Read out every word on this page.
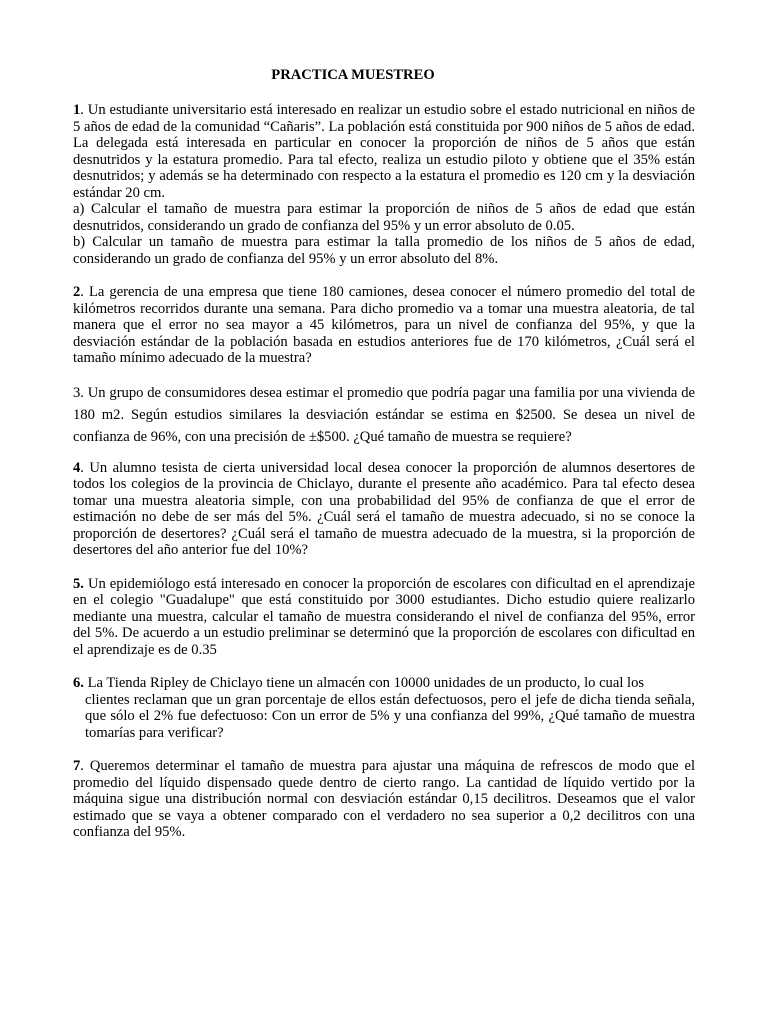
PRACTICA MUESTREO

1. Un estudiante universitario está interesado en realizar un estudio sobre el estado nutricional en niños de 5 años de edad de la comunidad “Cañaris”. La población está constituida por 900 niños de 5 años de edad. La delegada está interesada en particular en conocer la proporción de niños de 5 años que están desnutridos y la estatura promedio. Para tal efecto, realiza un estudio piloto y obtiene que el 35% están desnutridos; y además se ha determinado con respecto a la estatura el promedio es 120 cm y la desviación estándar 20 cm.

a) Calcular el tamaño de muestra para estimar la proporción de niños de 5 años de edad que están desnutridos, considerando un grado de confianza del 95% y un error absoluto de 0.05.

b) Calcular un tamaño de muestra para estimar la talla promedio de los niños de 5 años de edad, considerando un grado de confianza del 95% y un error absoluto del 8%.

2. La gerencia de una empresa que tiene 180 camiones, desea conocer el número promedio del total de kilómetros recorridos durante una semana. Para dicho promedio va a tomar una muestra aleatoria, de tal manera que el error no sea mayor a 45 kilómetros, para un nivel de confianza del 95%, y que la desviación estándar de la población basada en estudios anteriores fue de 170 kilómetros, ¿Cuál será el tamaño mínimo adecuado de la muestra?

3. Un grupo de consumidores desea estimar el promedio que podría pagar una familia por una vivienda de 180 m2. Según estudios similares la desviación estándar se estima en $2500. Se desea un nivel de confianza de 96%, con una precisión de ±$500. ¿Qué tamaño de muestra se requiere?

4. Un alumno tesista de cierta universidad local desea conocer la proporción de alumnos desertores de todos los colegios de la provincia de Chiclayo, durante el presente año académico. Para tal efecto desea tomar una muestra aleatoria simple, con una probabilidad del 95% de confianza de que el error de estimación no debe de ser más del 5%. ¿Cuál será el tamaño de muestra adecuado, si no se conoce la proporción de desertores? ¿Cuál será el tamaño de muestra adecuado de la muestra, si la proporción de desertores del año anterior fue del 10%?

5. Un epidemiólogo está interesado en conocer la proporción de escolares con dificultad en el aprendizaje en el colegio "Guadalupe" que está constituido por 3000 estudiantes. Dicho estudio quiere realizarlo mediante una muestra, calcular el tamaño de muestra considerando el nivel de confianza del 95%, error del 5%. De acuerdo a un estudio preliminar se determinó que la proporción de escolares con dificultad en el aprendizaje es de 0.35

6. La Tienda Ripley de Chiclayo tiene un almacén con 10000 unidades de un producto, lo cual los
clientes reclaman que un gran porcentaje de ellos están defectuosos, pero el jefe de dicha tienda señala, que sólo el 2% fue defectuoso: Con un error de 5% y una confianza del 99%, ¿Qué tamaño de muestra tomarías para verificar?

7. Queremos determinar el tamaño de muestra para ajustar una máquina de refrescos de modo que el promedio del líquido dispensado quede dentro de cierto rango. La cantidad de líquido vertido por la máquina sigue una distribución normal con desviación estándar 0,15 decilitros. Deseamos que el valor estimado que se vaya a obtener comparado con el verdadero no sea superior a 0,2 decilitros con una confianza del 95%.
